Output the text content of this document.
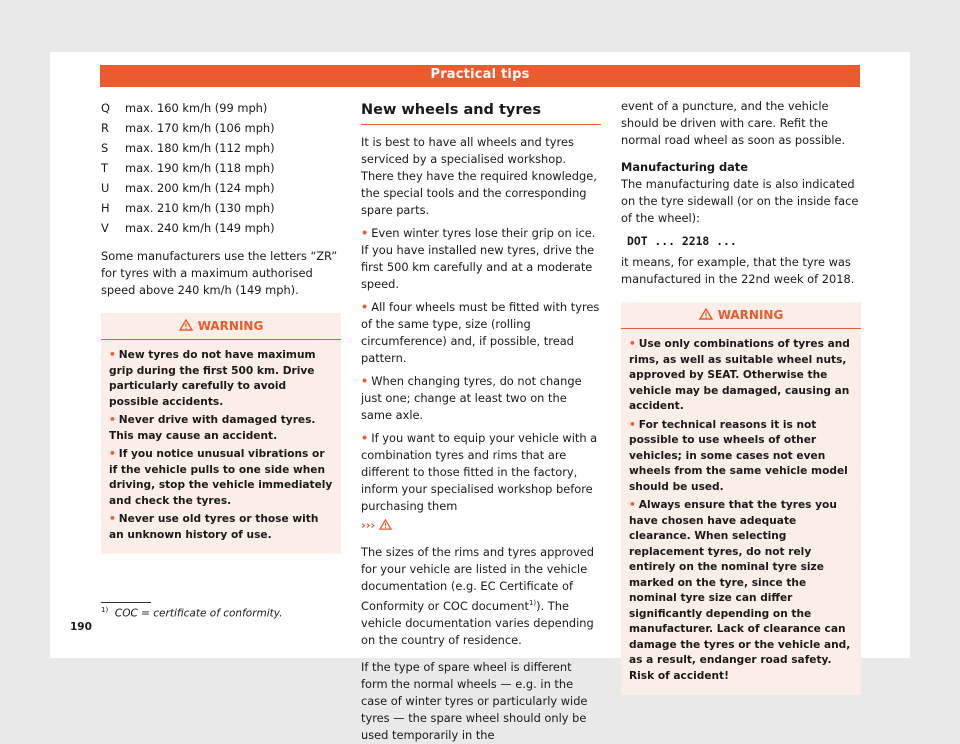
Practical tips
Q	max. 160 km/h (99 mph)
R	max. 170 km/h (106 mph)
S	max. 180 km/h (112 mph)
T	max. 190 km/h (118 mph)
U	max. 200 km/h (124 mph)
H	max. 210 km/h (130 mph)
V	max. 240 km/h (149 mph)

Some manufacturers use the letters “ZR” for tyres with a maximum authorised speed above 240 km/h (149 mph).

WARNING
• New tyres do not have maximum grip during the first 500 km. Drive particularly carefully to avoid possible accidents.
• Never drive with damaged tyres. This may cause an accident.
• If you notice unusual vibrations or if the vehicle pulls to one side when driving, stop the vehicle immediately and check the tyres.
• Never use old tyres or those with an unknown history of use.
New wheels and tyres

It is best to have all wheels and tyres serviced by a specialised workshop. There they have the required knowledge, the special tools and the corresponding spare parts.

• Even winter tyres lose their grip on ice. If you have installed new tyres, drive the first 500 km carefully and at a moderate speed.

• All four wheels must be fitted with tyres of the same type, size (rolling circumference) and, if possible, tread pattern.

• When changing tyres, do not change just one; change at least two on the same axle.

• If you want to equip your vehicle with a combination tyres and rims that are different to those fitted in the factory, inform your specialised workshop before purchasing them

›››

The sizes of the rims and tyres approved for your vehicle are listed in the vehicle documentation (e.g. EC Certificate of Conformity or COC document$^{1)}$). The vehicle documentation varies depending on the country of residence.

If the type of spare wheel is different form the normal wheels — e.g. in the case of winter tyres or particularly wide tyres — the spare wheel should only be used temporarily in the

event of a puncture, and the vehicle should be driven with care. Refit the normal road wheel as soon as possible.

Manufacturing date

The manufacturing date is also indicated on the tyre sidewall (or on the inside face of the wheel):

DOT ... 2218 ...

it means, for example, that the tyre was manufactured in the 22nd week of 2018.

WARNING
• Use only combinations of tyres and rims, as well as suitable wheel nuts, approved by SEAT. Otherwise the vehicle may be damaged, causing an accident.
• For technical reasons it is not possible to use wheels of other vehicles; in some cases not even wheels from the same vehicle model should be used.
• Always ensure that the tyres you have chosen have adequate clearance. When selecting replacement tyres, do not rely entirely on the nominal tyre size marked on the tyre, since the nominal tyre size can differ significantly depending on the manufacturer. Lack of clearance can damage the tyres or the vehicle and, as a result, endanger road safety. Risk of accident!
$^{1)}$ COC = certificate of conformity.
190
